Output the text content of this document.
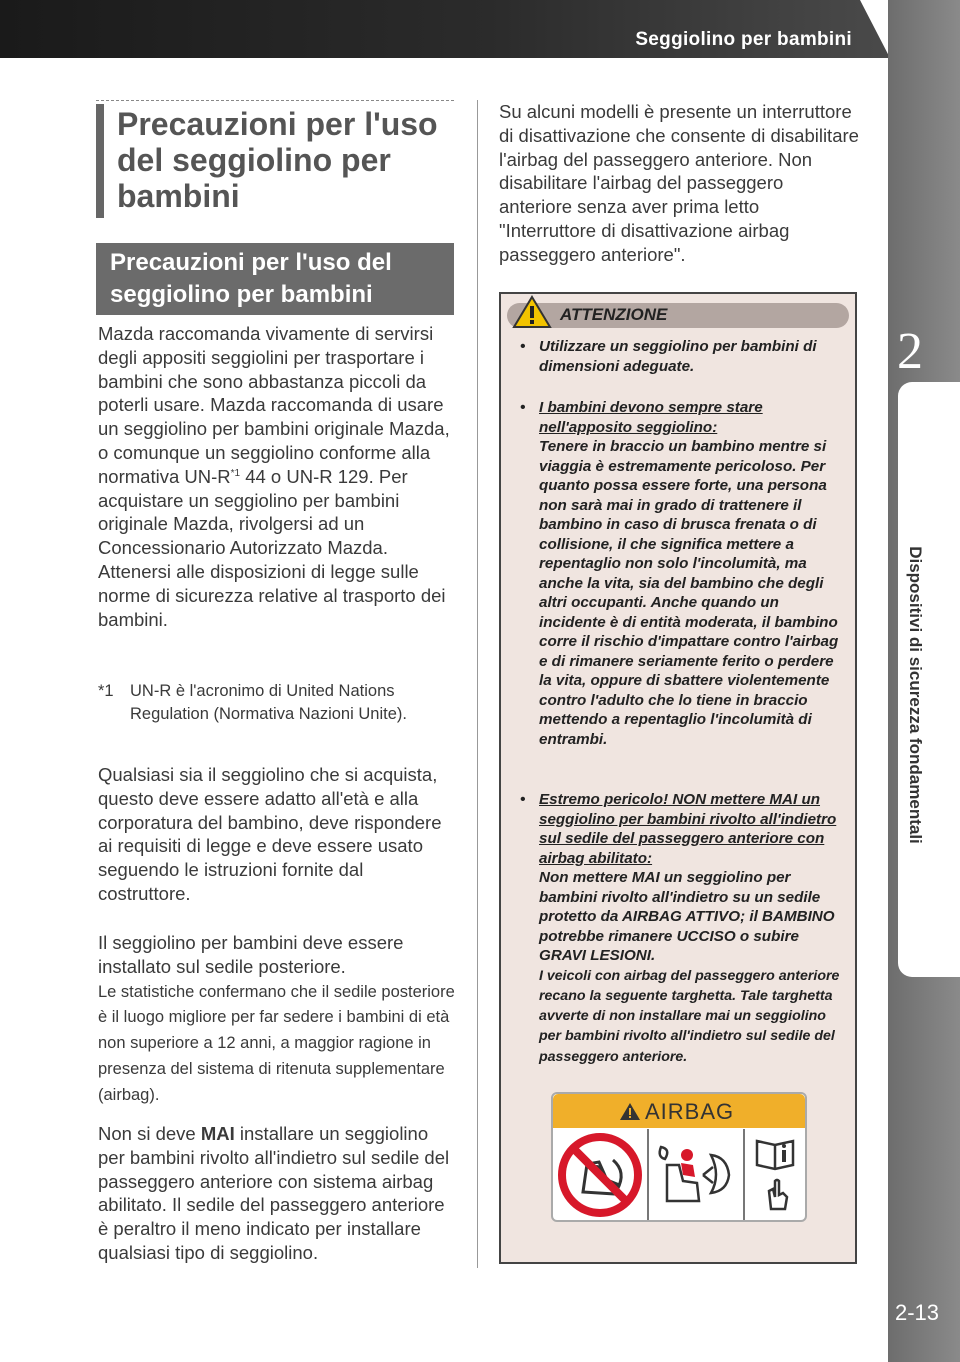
Seggiolino per bambini
2
Dispositivi di sicurezza fondamentali
2-13
carmanualsonline.info
Precauzioni per l'uso del seggiolino per bambini
Precauzioni per l'uso del seggiolino per bambini

Mazda raccomanda vivamente di servirsi degli appositi seggiolini per trasportare i bambini che sono abbastanza piccoli da poterli usare. Mazda raccomanda di usare un seggiolino per bambini originale Mazda, o comunque un seggiolino conforme alla normativa $UN-R^{*1}$ 44 o UN-R 129. Per acquistare un seggiolino per bambini originale Mazda, rivolgersi ad un Concessionario Autorizzato Mazda. Attenersi alle disposizioni di legge sulle norme di sicurezza relative al trasporto dei bambini.

*1 UN-R è l'acronimo di United Nations Regulation (Normativa Nazioni Unite).

Qualsiasi sia il seggiolino che si acquista, questo deve essere adatto all'età e alla corporatura del bambino, deve rispondere ai requisiti di legge e deve essere usato seguendo le istruzioni fornite dal costruttore.

Il seggiolino per bambini deve essere installato sul sedile posteriore.
Le statistiche confermano che il sedile posteriore è il luogo migliore per far sedere i bambini di età non superiore a 12 anni, a maggior ragione in presenza del sistema di ritenuta supplementare (airbag).

Non si deve MAI installare un seggiolino per bambini rivolto all'indietro sul sedile del passeggero anteriore con sistema airbag abilitato. Il sedile del passeggero anteriore è peraltro il meno indicato per installare qualsiasi tipo di seggiolino.

Su alcuni modelli è presente un interruttore di disattivazione che consente di disabilitare l'airbag del passeggero anteriore. Non disabilitare l'airbag del passeggero anteriore senza aver prima letto "Interruttore di disattivazione airbag passeggero anteriore".

ATTENZIONE
• Utilizzare un seggiolino per bambini di dimensioni adeguate.
• I bambini devono sempre stare nell'apposito seggiolino:
Tenere in braccio un bambino mentre si viaggia è estremamente pericoloso. Per quanto possa essere forte, una persona non sarà mai in grado di trattenere il bambino in caso di brusca frenata o di collisione, il che significa mettere a repentaglio non solo l'incolumità, ma anche la vita, sia del bambino che degli altri occupanti. Anche quando un incidente è di entità moderata, il bambino corre il rischio d'impattare contro l'airbag e di rimanere seriamente ferito o perdere la vita, oppure di sbattere violentemente contro l'adulto che lo tiene in braccio mettendo a repentaglio l'incolumità di entrambi.
• Estremo pericolo! NON mettere MAI un seggiolino per bambini rivolto all'indietro sul sedile del passeggero anteriore con airbag abilitato:
Non mettere MAI un seggiolino per bambini rivolto all'indietro su un sedile protetto da AIRBAG ATTIVO; il BAMBINO potrebbe rimanere UCCISO o subire GRAVI LESIONI.
I veicoli con airbag del passeggero anteriore recano la seguente targhetta. Tale targhetta avverte di non installare mai un seggiolino per bambini rivolto all'indietro sul sedile del passeggero anteriore.
AIRBAG
